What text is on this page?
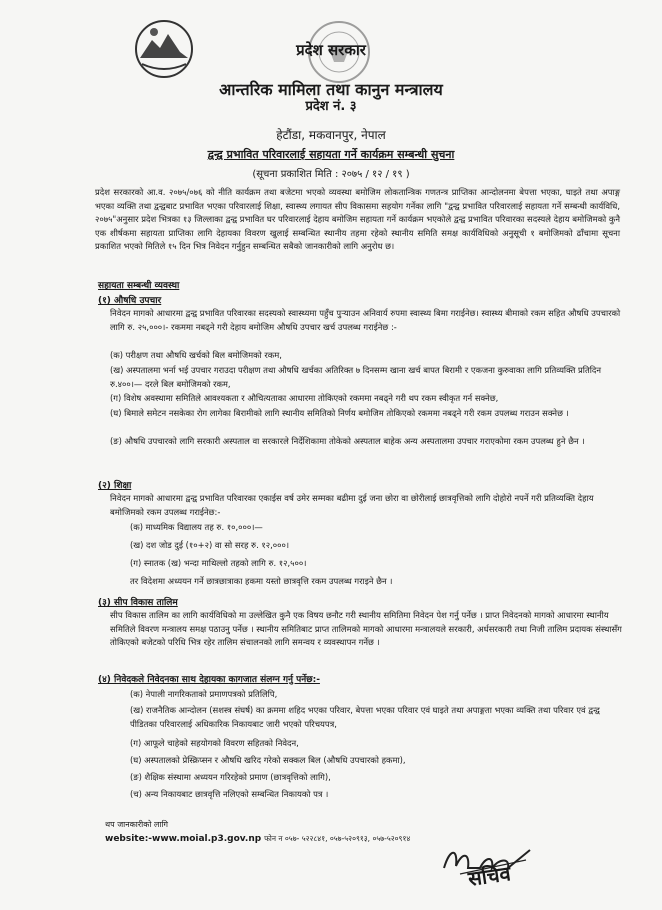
प्रदेश सरकार
आन्तरिक मामिला तथा कानुन मन्त्रालय
प्रदेश नं. ३
हेटौंडा, मकवानपुर, नेपाल
द्वन्द्व प्रभावित परिवारलाई सहायता गर्ने कार्यक्रम सम्बन्धी सुचना
(सूचना प्रकाशित मिति : २०७५ / १२ / १९ )
प्रदेश सरकारको आ.व. २०७५/०७६ को नीति कार्यक्रम तथा बजेटमा भएको व्यवस्था बमोजिम लोकतान्त्रिक गणतन्त्र प्राप्तिका आन्दोलनमा बेपत्ता भएका, घाइते तथा अपाङ्ग भएका व्यक्ति तथा द्वन्द्वबाट प्रभावित भएका परिवारलाई शिक्षा, स्वास्थ्य लगायत सीप विकासमा सहयोग गर्नेका लागि "द्वन्द्व प्रभावित परिवारलाई सहायता गर्ने सम्बन्धी कार्यविधि, २०७५"अनुसार प्रदेश भित्रका १३ जिल्लाका द्वन्द्व प्रभावित घर परिवारलाई देहाय बमोजिम सहायता गर्ने कार्यक्रम भएकोले द्वन्द्व प्रभावित परिवारका सदस्यले देहाय बमोजिमको कुनै एक शीर्षकमा सहायता प्राप्तिका लागि देहायका विवरण खुलाई सम्बन्धित स्थानीय तहमा रहेको स्थानीय समिति समक्ष कार्यविधिको अनुसूची १ बमोजिमको ढाँचामा सूचना प्रकाशित भएको मितिले १५ दिन भित्र निवेदन गर्नुहुन सम्बन्धित सबैको जानकारीको लागि अनुरोध छ।
सहायता सम्बन्धी व्यवस्था
(१) औषधि उपचार
निवेदन मागको आधारमा द्वन्द्व प्रभावित परिवारका सदस्यको स्वास्थ्यमा पहुँच पुर्‍याउन अनिवार्य रुपमा स्वास्थ्य बिमा गराईनेछ। स्वास्थ्य बीमाको रकम सहित औषधि उपचारको लागि रु. २५,०००।- रकममा नबढ्ने गरी देहाय बमोजिम औषधि उपचार खर्च उपलब्ध गराईनेछ :-
(क) परीक्षण तथा औषधि खर्चको बिल बमोजिमको रकम,
(ख) अस्पतालमा भर्ना भई उपचार गराउदा परीक्षण तथा औषधि खर्चका अतिरिक्त ७ दिनसम्म खाना खर्च बापत बिरामी र एकजना कुरुवाका लागि प्रतिव्यक्ति प्रतिदिन रु.४००।— दरले बिल बमोजिमको रकम,
(ग) विशेष अवस्थामा समितिले आवश्यकता र औचित्यताका आधारमा तोकिएको रकममा नबढ्ने गरी थप रकम स्वीकृत गर्न सक्नेछ,
(घ) बिमाले समेटन नसकेका रोग लागेका बिरामीको लागि स्थानीय समितिको निर्णय बमोजिम तोकिएको रकममा नबढ्ने गरी रकम उपलब्ध गराउन सक्नेछ ।
(ङ) औषधि उपचारको लागि सरकारी अस्पताल वा सरकारले निर्देशिकामा तोकेको अस्पताल बाहेक अन्य अस्पतालमा उपचार गराएकोमा रकम उपलब्ध हुने छैन ।
(२) शिक्षा
निवेदन मागको आधारमा द्वन्द्व प्रभावित परिवारका एकाईस वर्ष उमेर सम्मका बढीमा दुई जना छोरा वा छोरीलाई छात्रवृत्तिको लागि दोहोरो नपर्ने गरी प्रतिव्यक्ति देहाय बमोजिमको रकम उपलब्ध गराईनेछ:-
(क) माध्यमिक विद्यालय तह रु. १०,०००।—
(ख) दश जोड दुई (१०+२) वा सो सरह रु. १२,०००।
(ग) स्नातक (ख) भन्दा माथिल्लो तहको लागि रु. १२,५००।
तर विदेशमा अध्ययन गर्ने छात्रछात्राका हकमा यस्तो छात्रवृत्ति रकम उपलब्ध गराइने छैन ।
(३) सीप विकास तालिम
सीप विकास तालिम का लागि कार्यविधिको मा उल्लेखित कुनै एक विषय छनौट गरी स्थानीय समितिमा निवेदन पेश गर्नु पर्नेछ । प्राप्त निवेदनको मागको आधारमा स्थानीय समितिले विवरण मन्त्रालय समक्ष पठाउनु पर्नेछ । स्थानीय समितिबाट प्राप्त तालिमको मागको आधारमा मन्त्रालयले सरकारी, अर्धसरकारी तथा निजी तालिम प्रदायक संस्थासँग तोकिएको बजेटको परिधि भित्र रहेर तालिम संचालनको लागि समन्वय र व्यवस्थापन गर्नेछ ।
(४) निवेदकले निवेदनका साथ देहायका कागजात संलग्न गर्नु पर्नेछ:-
(क) नेपाली नागरिकताको प्रमाणपत्रको प्रतिलिपि,
(ख) राजनैतिक आन्दोलन (सशस्त्र संघर्ष) का क्रममा शहिद भएका परिवार, बेपत्ता भएका परिवार एवं घाइते तथा अपाङ्गता भएका व्यक्ति तथा परिवार एवं द्वन्द्व पीडितका परिवारलाई अधिकारिक निकायबाट जारी भएको परिचयपत्र,
(ग) आफूले चाहेको सहयोगको विवरण सहितको निवेदन,
(घ) अस्पतालको प्रेस्क्रिप्सन र औषधि खरिद गरेको सक्कल बिल (औषधि उपचारको हकमा),
(ङ) शैक्षिक संस्थामा अध्ययन गरिरहेको प्रमाण (छात्रवृत्तिको लागि),
(च) अन्य निकायबाट छात्रवृत्ति नलिएको सम्बन्धित निकायको पत्र ।
थप जानकारीको लागि
website:-www.moial.p3.gov.np फोन न ०५७- ५२२८४१, ०५७-५२०९१३, ०५७-५२०९१४
सचिव
